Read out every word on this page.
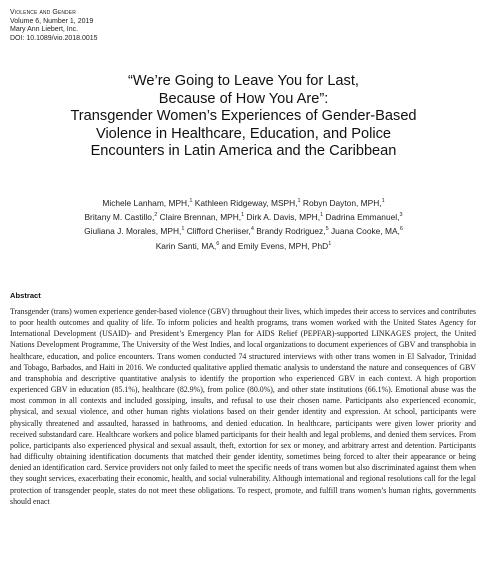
Violence and Gender
Volume 6, Number 1, 2019
Mary Ann Liebert, Inc.
DOI: 10.1089/vio.2018.0015
“We’re Going to Leave You for Last,
Because of How You Are”:
Transgender Women’s Experiences of Gender-Based
Violence in Healthcare, Education, and Police
Encounters in Latin America and the Caribbean
Michele Lanham, MPH,$^1$ Kathleen Ridgeway, MSPH,$^1$ Robyn Dayton, MPH,$^1$
Britany M. Castillo,$^2$ Claire Brennan, MPH,$^1$ Dirk A. Davis, MPH,$^1$ Dadrina Emmanuel,$^3$
Giuliana J. Morales, MPH,$^1$ Clifford Cheriiser,$^4$ Brandy Rodriguez,$^5$ Juana Cooke, MA,$^6$
Karin Santi, MA,$^6$ and Emily Evens, MPH, PhD$^1$
Abstract
Transgender (trans) women experience gender-based violence (GBV) throughout their lives, which impedes their access to services and contributes to poor health outcomes and quality of life. To inform policies and health programs, trans women worked with the United States Agency for International Development (USAID)- and President’s Emergency Plan for AIDS Relief (PEPFAR)-supported LINKAGES project, the United Nations Development Programme, The University of the West Indies, and local organizations to document experiences of GBV and transphobia in healthcare, education, and police encounters. Trans women conducted 74 structured interviews with other trans women in El Salvador, Trinidad and Tobago, Barbados, and Haiti in 2016. We conducted qualitative applied thematic analysis to understand the nature and consequences of GBV and transphobia and descriptive quantitative analysis to identify the proportion who experienced GBV in each context. A high proportion experienced GBV in education (85.1%), healthcare (82.9%), from police (80.0%), and other state institutions (66.1%). Emotional abuse was the most common in all contexts and included gossiping, insults, and refusal to use their chosen name. Participants also experienced economic, physical, and sexual violence, and other human rights violations based on their gender identity and expression. At school, participants were physically threatened and assaulted, harassed in bathrooms, and denied education. In healthcare, participants were given lower priority and received substandard care. Healthcare workers and police blamed participants for their health and legal problems, and denied them services. From police, participants also experienced physical and sexual assault, theft, extortion for sex or money, and arbitrary arrest and detention. Participants had difficulty obtaining identification documents that matched their gender identity, sometimes being forced to alter their appearance or being denied an identification card. Service providers not only failed to meet the specific needs of trans women but also discriminated against them when they sought services, exacerbating their economic, health, and social vulnerability. Although international and regional resolutions call for the legal protection of transgender people, states do not meet these obligations. To respect, promote, and fulfill trans women’s human rights, governments should enact
